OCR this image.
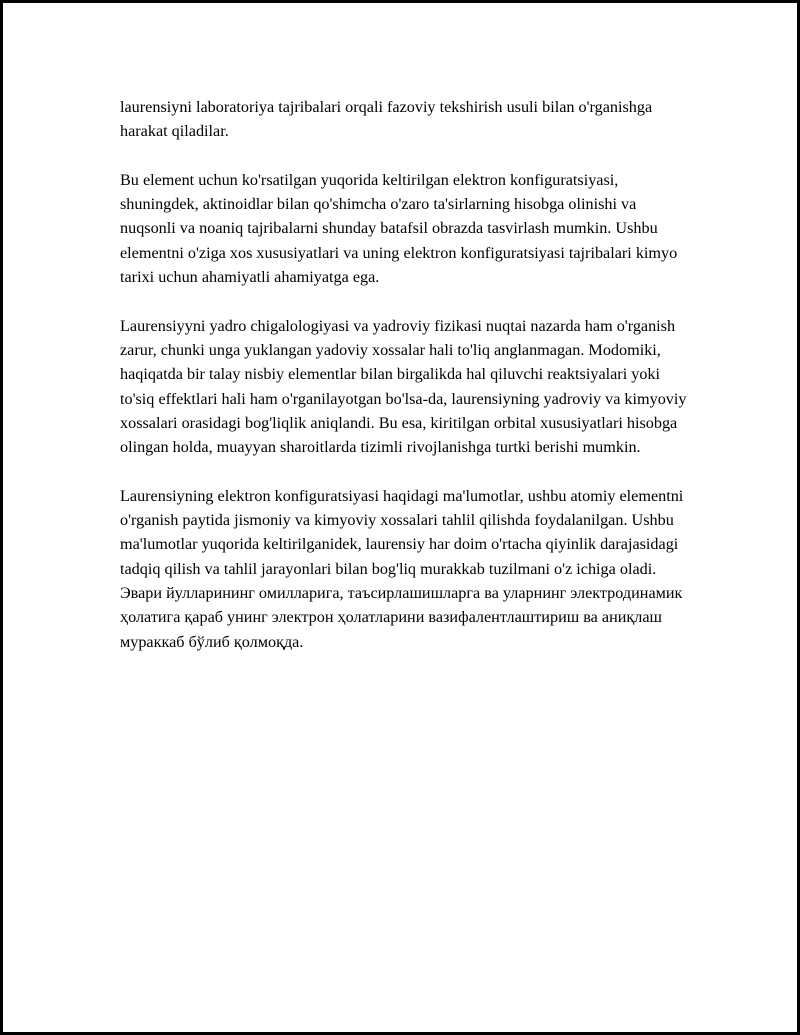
laurensiyni laboratoriya tajribalari orqali fazoviy tekshirish usuli bilan o'rganishga harakat qiladilar.

Bu element uchun ko'rsatilgan yuqorida keltirilgan elektron konfiguratsiyasi, shuningdek, aktinoidlar bilan qo'shimcha o'zaro ta'sirlarning hisobga olinishi va nuqsonli va noaniq tajribalarni shunday batafsil obrazda tasvirlash mumkin. Ushbu elementni o'ziga xos xususiyatlari va uning elektron konfiguratsiyasi tajribalari kimyo tarixi uchun ahamiyatli ahamiyatga ega.

Laurensiyyni yadro chigalologiyasi va yadroviy fizikasi nuqtai nazarda ham o'rganish zarur, chunki unga yuklangan yadoviy xossalar hali to'liq anglanmagan. Modomiki, haqiqatda bir talay nisbiy elementlar bilan birgalikda hal qiluvchi reaktsiyalari yoki to'siq effektlari hali ham o'rganilayotgan bo'lsa-da, laurensiyning yadroviy va kimyoviy xossalari orasidagi bog'liqlik aniqlandi. Bu esa, kiritilgan orbital xususiyatlari hisobga olingan holda, muayyan sharoitlarda tizimli rivojlanishga turtki berishi mumkin.

Laurensiyning elektron konfiguratsiyasi haqidagi ma'lumotlar, ushbu atomiy elementni o'rganish paytida jismoniy va kimyoviy xossalari tahlil qilishda foydalanilgan. Ushbu ma'lumotlar yuqorida keltirilganidek, laurensiy har doim o'rtacha qiyinlik darajasidagi tadqiq qilish va tahlil jarayonlari bilan bog'liq murakkab tuzilmani o'z ichiga oladi. Эвари йулларининг омилларига, таъсирлашишларга ва уларнинг электродинамик ҳолатига қараб унинг электрон ҳолатларини вазифалентлаштириш ва аниқлаш мураккаб бўлиб қолмоқда.
